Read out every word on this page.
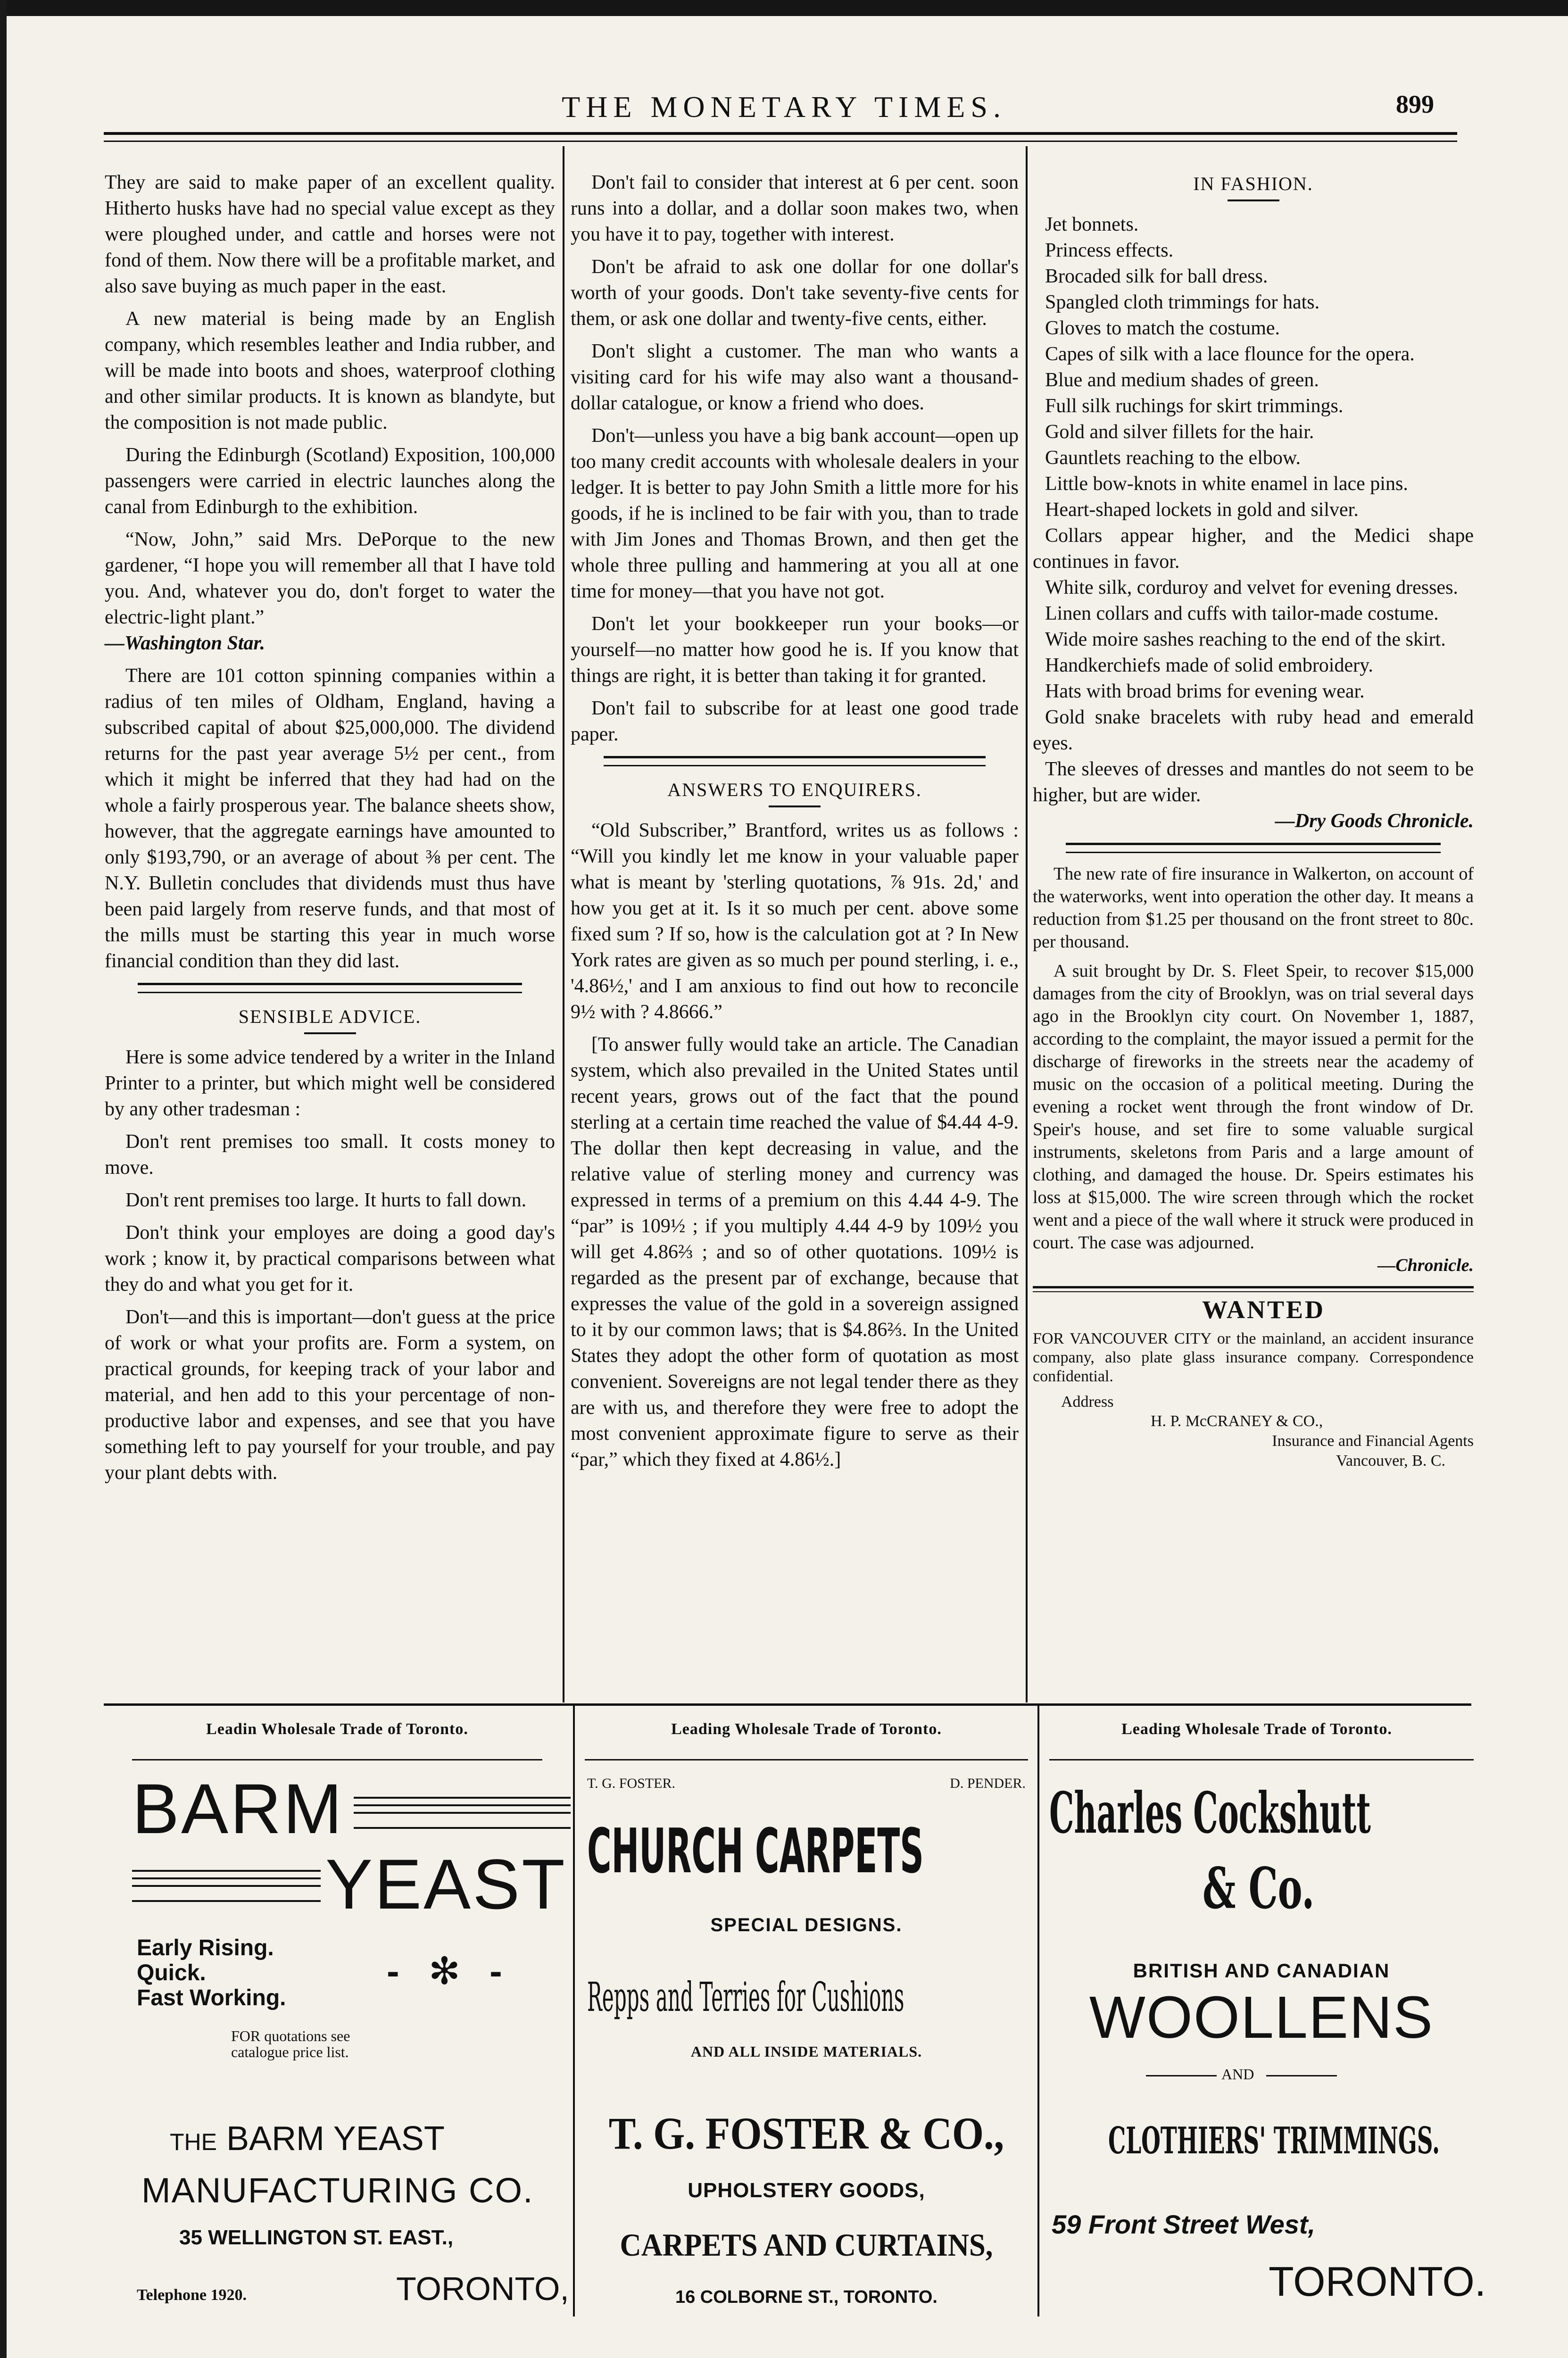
THE MONETARY TIMES.	899

They are said to make paper of an excellent quality. Hitherto husks have had no special value except as they were ploughed under, and cattle and horses were not fond of them. Now there will be a profitable market, and also save buying as much paper in the east.

A new material is being made by an English company, which resembles leather and India rubber, and will be made into boots and shoes, waterproof clothing and other similar products. It is known as blandyte, but the composition is not made public.

During the Edinburgh (Scotland) Exposition, 100,000 passengers were carried in electric launches along the canal from Edinburgh to the exhibition.

“Now, John,” said Mrs. DePorque to the new gardener, “I hope you will remember all that I have told you. And, whatever you do, don't forget to water the electric-light plant.”

—Washington Star.

There are 101 cotton spinning companies within a radius of ten miles of Oldham, England, having a subscribed capital of about $25,000,000. The dividend returns for the past year average 5½ per cent., from which it might be inferred that they had had on the whole a fairly prosperous year. The balance sheets show, however, that the aggregate earnings have amounted to only $193,790, or an average of about ⅜ per cent. The N.Y. Bulletin concludes that dividends must thus have been paid largely from reserve funds, and that most of the mills must be starting this year in much worse financial condition than they did last.

SENSIBLE ADVICE.

Here is some advice tendered by a writer in the Inland Printer to a printer, but which might well be considered by any other tradesman :

Don't rent premises too small. It costs money to move.

Don't rent premises too large. It hurts to fall down.

Don't think your employes are doing a good day's work ; know it, by practical comparisons between what they do and what you get for it.

Don't—and this is important—don't guess at the price of work or what your profits are. Form a system, on practical grounds, for keeping track of your labor and material, and hen add to this your percentage of non-productive labor and expenses, and see that you have something left to pay yourself for your trouble, and pay your plant debts with.

Don't fail to consider that interest at 6 per cent. soon runs into a dollar, and a dollar soon makes two, when you have it to pay, together with interest.

Don't be afraid to ask one dollar for one dollar's worth of your goods. Don't take seventy-five cents for them, or ask one dollar and twenty-five cents, either.

Don't slight a customer. The man who wants a visiting card for his wife may also want a thousand-dollar catalogue, or know a friend who does.

Don't—unless you have a big bank account—open up too many credit accounts with wholesale dealers in your ledger. It is better to pay John Smith a little more for his goods, if he is inclined to be fair with you, than to trade with Jim Jones and Thomas Brown, and then get the whole three pulling and hammering at you all at one time for money—that you have not got.

Don't let your bookkeeper run your books—or yourself—no matter how good he is. If you know that things are right, it is better than taking it for granted.

Don't fail to subscribe for at least one good trade paper.

ANSWERS TO ENQUIRERS.

“Old Subscriber,” Brantford, writes us as follows : “Will you kindly let me know in your valuable paper what is meant by 'sterling quotations, ⅞ 91s. 2d,' and how you get at it. Is it so much per cent. above some fixed sum ? If so, how is the calculation got at ? In New York rates are given as so much per pound sterling, i. e., '4.86½,' and I am anxious to find out how to reconcile 9½ with ? 4.8666.”

[To answer fully would take an article. The Canadian system, which also prevailed in the United States until recent years, grows out of the fact that the pound sterling at a certain time reached the value of $4.44 4-9. The dollar then kept decreasing in value, and the relative value of sterling money and currency was expressed in terms of a premium on this 4.44 4-9. The “par” is 109½ ; if you multiply 4.44 4-9 by 109½ you will get 4.86⅔ ; and so of other quotations. 109½ is regarded as the present par of exchange, because that expresses the value of the gold in a sovereign assigned to it by our common laws; that is $4.86⅔. In the United States they adopt the other form of quotation as most convenient. Sovereigns are not legal tender there as they are with us, and therefore they were free to adopt the most convenient approximate figure to serve as their “par,” which they fixed at 4.86½.]

IN FASHION.

Jet bonnets.
Princess effects.
Brocaded silk for ball dress.
Spangled cloth trimmings for hats.
Gloves to match the costume.
Capes of silk with a lace flounce for the opera.
Blue and medium shades of green.
Full silk ruchings for skirt trimmings.
Gold and silver fillets for the hair.
Gauntlets reaching to the elbow.
Little bow-knots in white enamel in lace pins.
Heart-shaped lockets in gold and silver.
Collars appear higher, and the Medici shape continues in favor.
White silk, corduroy and velvet for evening dresses.
Linen collars and cuffs with tailor-made costume.
Wide moire sashes reaching to the end of the skirt.
Handkerchiefs made of solid embroidery.
Hats with broad brims for evening wear.
Gold snake bracelets with ruby head and emerald eyes.
The sleeves of dresses and mantles do not seem to be higher, but are wider.

—Dry Goods Chronicle.

The new rate of fire insurance in Walkerton, on account of the waterworks, went into operation the other day. It means a reduction from $1.25 per thousand on the front street to 80c. per thousand.

A suit brought by Dr. S. Fleet Speir, to recover $15,000 damages from the city of Brooklyn, was on trial several days ago in the Brooklyn city court. On November 1, 1887, according to the complaint, the mayor issued a permit for the discharge of fireworks in the streets near the academy of music on the occasion of a political meeting. During the evening a rocket went through the front window of Dr. Speir's house, and set fire to some valuable surgical instruments, skeletons from Paris and a large amount of clothing, and damaged the house. Dr. Speirs estimates his loss at $15,000. The wire screen through which the rocket went and a piece of the wall where it struck were produced in court. The case was adjourned.

—Chronicle.

WANTED

FOR VANCOUVER CITY or the mainland, an accident insurance company, also plate glass insurance company. Correspondence confidential.

Address

H. P. McCRANEY & CO.,

Insurance and Financial Agents

Vancouver, B. C.

Leadin Wholesale Trade of Toronto.	Leading Wholesale Trade of Toronto.	Leading Wholesale Trade of Toronto.
BARM
YEAST
Early Rising.
Quick.
Fast Working.
- ✻ -
FOR quotations see catalogue price list.
THE BARM YEAST
MANUFACTURING CO.
35 WELLINGTON ST. EAST.,
Telephone 1920.	TORONTO,
T. G. FOSTER.	D. PENDER.
CHURCH CARPETS
SPECIAL DESIGNS.
Repps and Terries for Cushions
AND ALL INSIDE MATERIALS.
T. G. FOSTER & CO.,
UPHOLSTERY GOODS,
CARPETS AND CURTAINS,
16 COLBORNE ST., TORONTO.
Charles Cockshutt
& Co.
BRITISH AND CANADIAN
WOOLLENS
AND
CLOTHIERS' TRIMMINGS.
59 Front Street West,
TORONTO.
